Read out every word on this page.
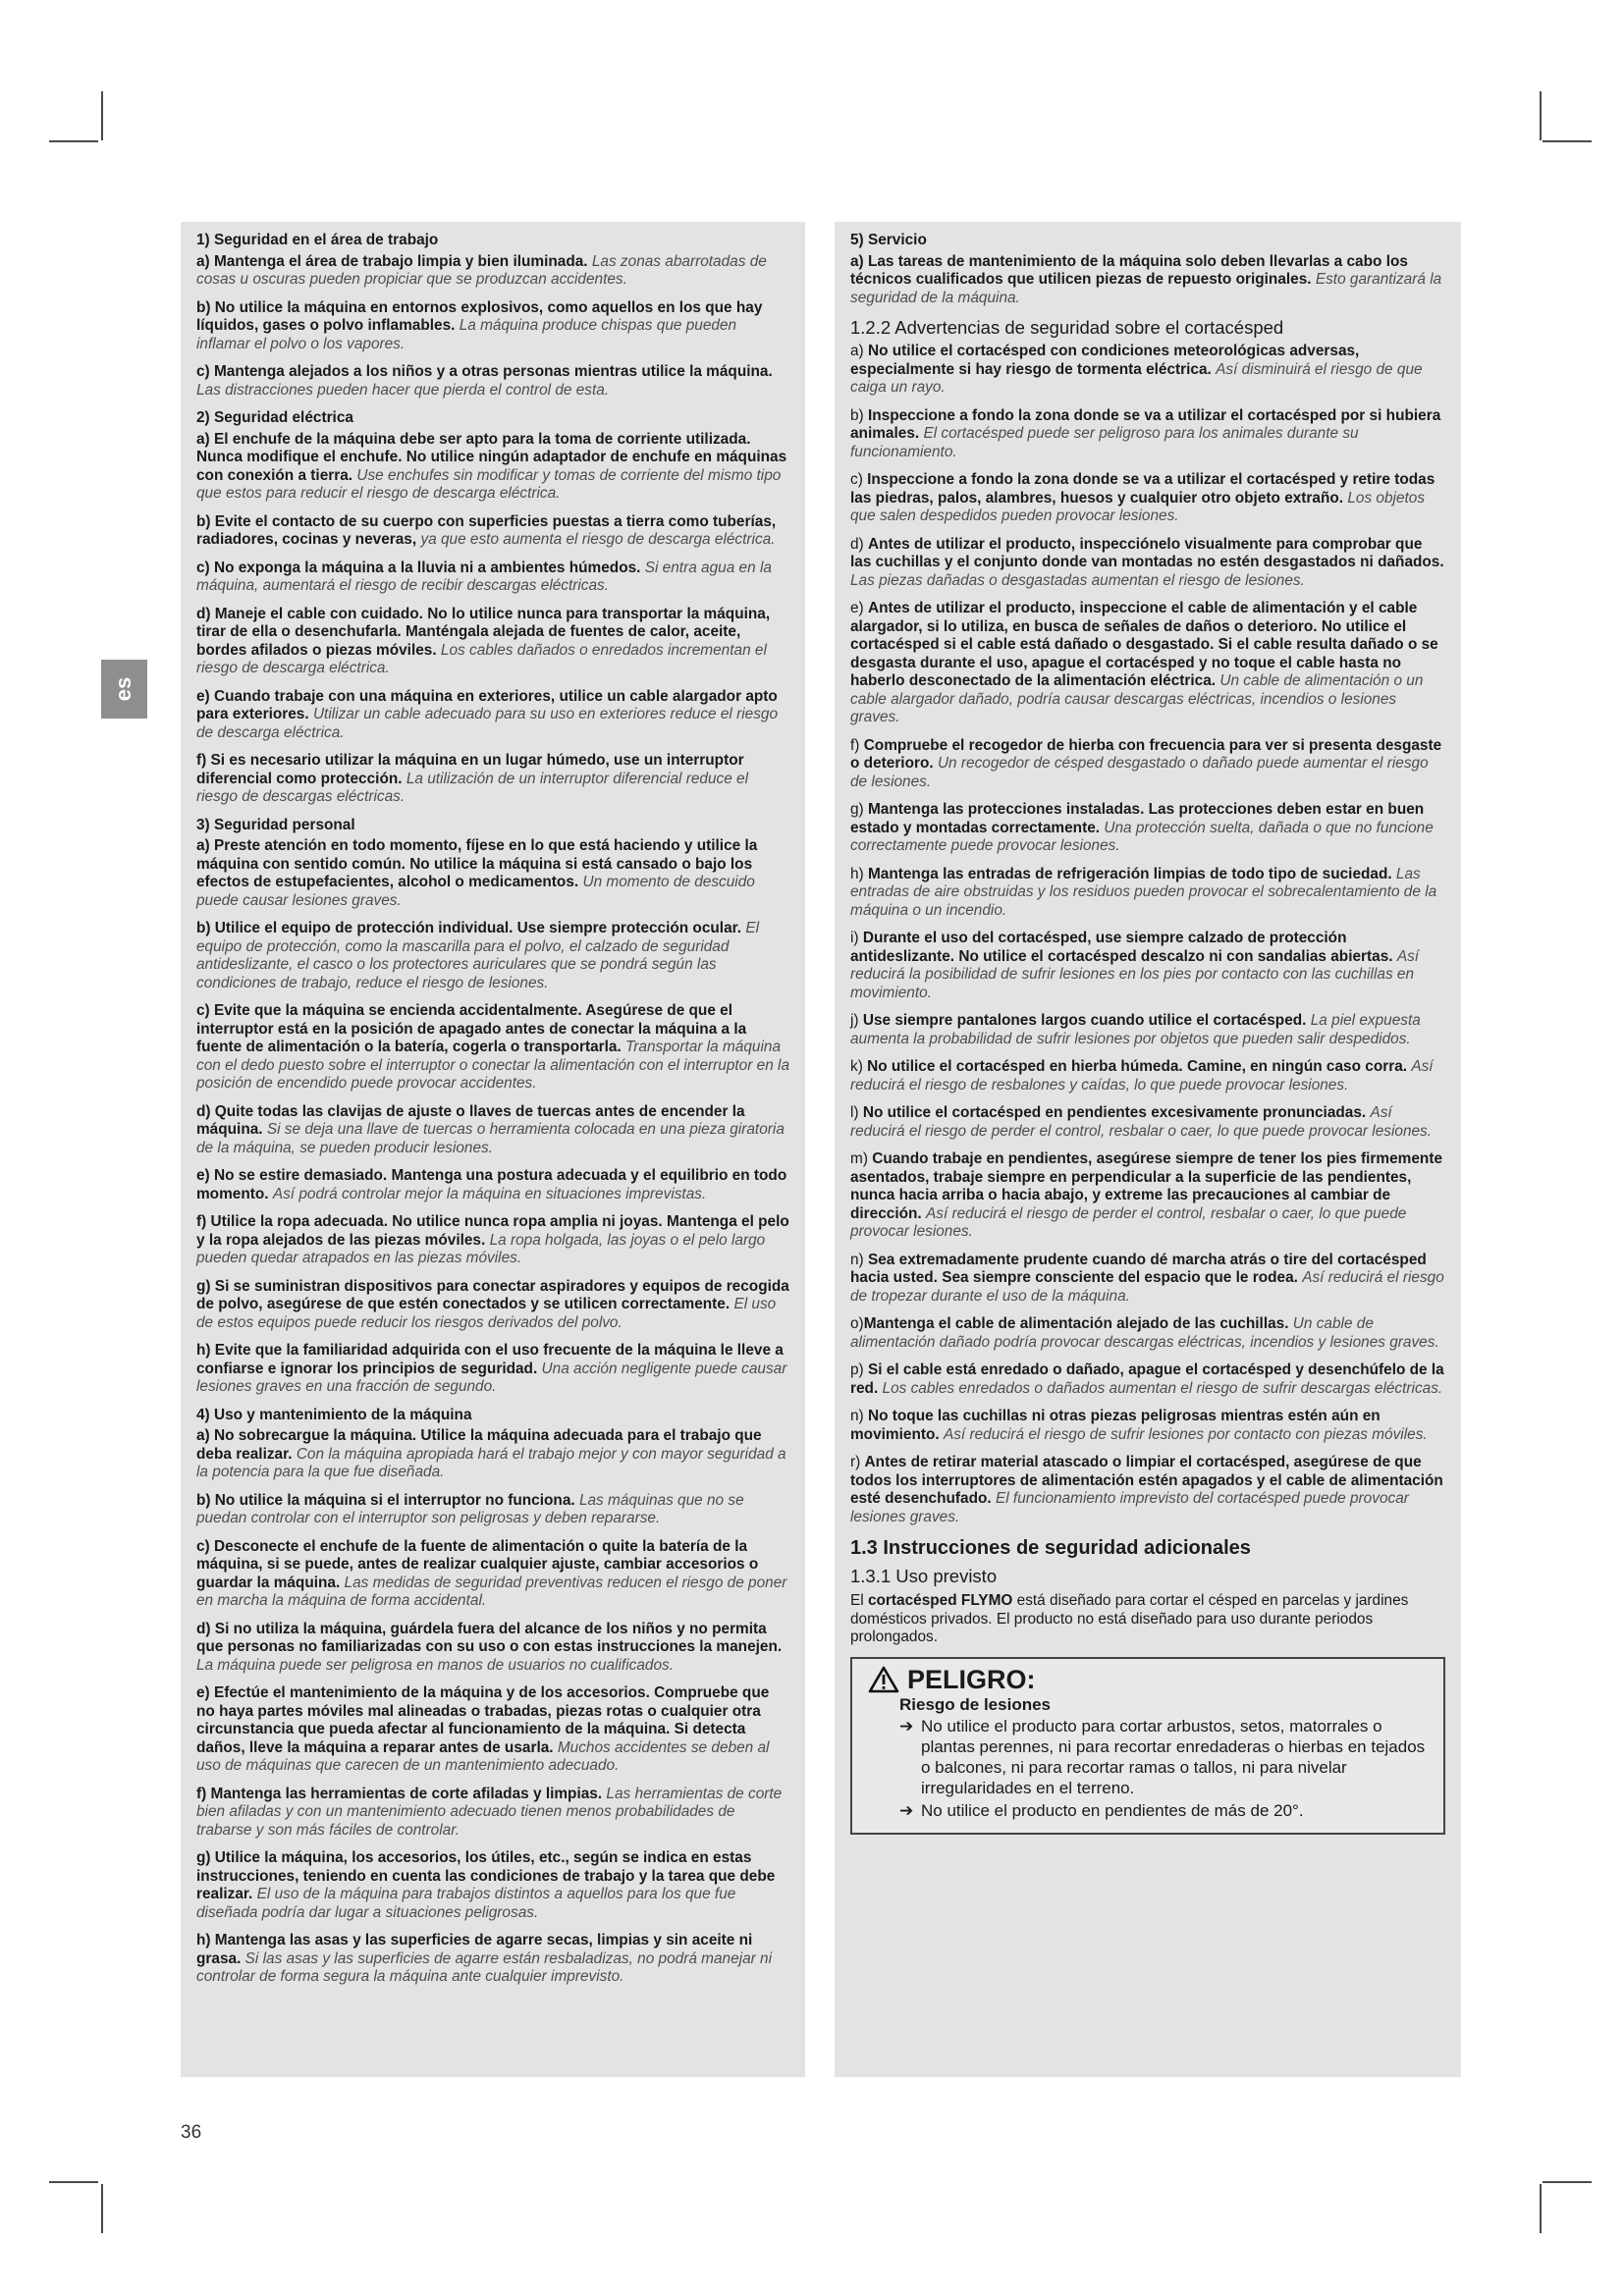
es

1) Seguridad en el área de trabajo

a) Mantenga el área de trabajo limpia y bien iluminada. Las zonas abarrotadas de cosas u oscuras pueden propiciar que se produzcan accidentes.

b) No utilice la máquina en entornos explosivos, como aquellos en los que hay líquidos, gases o polvo inflamables. La máquina produce chispas que pueden inflamar el polvo o los vapores.

c) Mantenga alejados a los niños y a otras personas mientras utilice la máquina. Las distracciones pueden hacer que pierda el control de esta.

2) Seguridad eléctrica

a) El enchufe de la máquina debe ser apto para la toma de corriente utilizada. Nunca modifique el enchufe. No utilice ningún adaptador de enchufe en máquinas con conexión a tierra. Use enchufes sin modificar y tomas de corriente del mismo tipo que estos para reducir el riesgo de descarga eléctrica.

b) Evite el contacto de su cuerpo con superficies puestas a tierra como tuberías, radiadores, cocinas y neveras, ya que esto aumenta el riesgo de descarga eléctrica.

c) No exponga la máquina a la lluvia ni a ambientes húmedos. Si entra agua en la máquina, aumentará el riesgo de recibir descargas eléctricas.

d) Maneje el cable con cuidado. No lo utilice nunca para transportar la máquina, tirar de ella o desenchufarla. Manténgala alejada de fuentes de calor, aceite, bordes afilados o piezas móviles. Los cables dañados o enredados incrementan el riesgo de descarga eléctrica.

e) Cuando trabaje con una máquina en exteriores, utilice un cable alargador apto para exteriores. Utilizar un cable adecuado para su uso en exteriores reduce el riesgo de descarga eléctrica.

f) Si es necesario utilizar la máquina en un lugar húmedo, use un interruptor diferencial como protección. La utilización de un interruptor diferencial reduce el riesgo de descargas eléctricas.

3) Seguridad personal

a) Preste atención en todo momento, fíjese en lo que está haciendo y utilice la máquina con sentido común. No utilice la máquina si está cansado o bajo los efectos de estupefacientes, alcohol o medicamentos. Un momento de descuido puede causar lesiones graves.

b) Utilice el equipo de protección individual. Use siempre protección ocular. El equipo de protección, como la mascarilla para el polvo, el calzado de seguridad antideslizante, el casco o los protectores auriculares que se pondrá según las condiciones de trabajo, reduce el riesgo de lesiones.

c) Evite que la máquina se encienda accidentalmente. Asegúrese de que el interruptor está en la posición de apagado antes de conectar la máquina a la fuente de alimentación o la batería, cogerla o transportarla. Transportar la máquina con el dedo puesto sobre el interruptor o conectar la alimentación con el interruptor en la posición de encendido puede provocar accidentes.

d) Quite todas las clavijas de ajuste o llaves de tuercas antes de encender la máquina. Si se deja una llave de tuercas o herramienta colocada en una pieza giratoria de la máquina, se pueden producir lesiones.

e) No se estire demasiado. Mantenga una postura adecuada y el equilibrio en todo momento. Así podrá controlar mejor la máquina en situaciones imprevistas.

f) Utilice la ropa adecuada. No utilice nunca ropa amplia ni joyas. Mantenga el pelo y la ropa alejados de las piezas móviles. La ropa holgada, las joyas o el pelo largo pueden quedar atrapados en las piezas móviles.

g) Si se suministran dispositivos para conectar aspiradores y equipos de recogida de polvo, asegúrese de que estén conectados y se utilicen correctamente. El uso de estos equipos puede reducir los riesgos derivados del polvo.

h) Evite que la familiaridad adquirida con el uso frecuente de la máquina le lleve a confiarse e ignorar los principios de seguridad. Una acción negligente puede causar lesiones graves en una fracción de segundo.

4) Uso y mantenimiento de la máquina

a) No sobrecargue la máquina. Utilice la máquina adecuada para el trabajo que deba realizar. Con la máquina apropiada hará el trabajo mejor y con mayor seguridad a la potencia para la que fue diseñada.

b) No utilice la máquina si el interruptor no funciona. Las máquinas que no se puedan controlar con el interruptor son peligrosas y deben repararse.

c) Desconecte el enchufe de la fuente de alimentación o quite la batería de la máquina, si se puede, antes de realizar cualquier ajuste, cambiar accesorios o guardar la máquina. Las medidas de seguridad preventivas reducen el riesgo de poner en marcha la máquina de forma accidental.

d) Si no utiliza la máquina, guárdela fuera del alcance de los niños y no permita que personas no familiarizadas con su uso o con estas instrucciones la manejen. La máquina puede ser peligrosa en manos de usuarios no cualificados.

e) Efectúe el mantenimiento de la máquina y de los accesorios. Compruebe que no haya partes móviles mal alineadas o trabadas, piezas rotas o cualquier otra circunstancia que pueda afectar al funcionamiento de la máquina. Si detecta daños, lleve la máquina a reparar antes de usarla. Muchos accidentes se deben al uso de máquinas que carecen de un mantenimiento adecuado.

f) Mantenga las herramientas de corte afiladas y limpias. Las herramientas de corte bien afiladas y con un mantenimiento adecuado tienen menos probabilidades de trabarse y son más fáciles de controlar.

g) Utilice la máquina, los accesorios, los útiles, etc., según se indica en estas instrucciones, teniendo en cuenta las condiciones de trabajo y la tarea que debe realizar. El uso de la máquina para trabajos distintos a aquellos para los que fue diseñada podría dar lugar a situaciones peligrosas.

h) Mantenga las asas y las superficies de agarre secas, limpias y sin aceite ni grasa. Si las asas y las superficies de agarre están resbaladizas, no podrá manejar ni controlar de forma segura la máquina ante cualquier imprevisto.

5) Servicio

a) Las tareas de mantenimiento de la máquina solo deben llevarlas a cabo los técnicos cualificados que utilicen piezas de repuesto originales. Esto garantizará la seguridad de la máquina.

1.2.2 Advertencias de seguridad sobre el cortacésped

a) No utilice el cortacésped con condiciones meteorológicas adversas, especialmente si hay riesgo de tormenta eléctrica. Así disminuirá el riesgo de que caiga un rayo.

b) Inspeccione a fondo la zona donde se va a utilizar el cortacésped por si hubiera animales. El cortacésped puede ser peligroso para los animales durante su funcionamiento.

c) Inspeccione a fondo la zona donde se va a utilizar el cortacésped y retire todas las piedras, palos, alambres, huesos y cualquier otro objeto extraño. Los objetos que salen despedidos pueden provocar lesiones.

d) Antes de utilizar el producto, inspecciónelo visualmente para comprobar que las cuchillas y el conjunto donde van montadas no estén desgastados ni dañados. Las piezas dañadas o desgastadas aumentan el riesgo de lesiones.

e) Antes de utilizar el producto, inspeccione el cable de alimentación y el cable alargador, si lo utiliza, en busca de señales de daños o deterioro. No utilice el cortacésped si el cable está dañado o desgastado. Si el cable resulta dañado o se desgasta durante el uso, apague el cortacésped y no toque el cable hasta no haberlo desconectado de la alimentación eléctrica. Un cable de alimentación o un cable alargador dañado, podría causar descargas eléctricas, incendios o lesiones graves.

f) Compruebe el recogedor de hierba con frecuencia para ver si presenta desgaste o deterioro. Un recogedor de césped desgastado o dañado puede aumentar el riesgo de lesiones.

g) Mantenga las protecciones instaladas. Las protecciones deben estar en buen estado y montadas correctamente. Una protección suelta, dañada o que no funcione correctamente puede provocar lesiones.

h) Mantenga las entradas de refrigeración limpias de todo tipo de suciedad. Las entradas de aire obstruidas y los residuos pueden provocar el sobrecalentamiento de la máquina o un incendio.

i) Durante el uso del cortacésped, use siempre calzado de protección antideslizante. No utilice el cortacésped descalzo ni con sandalias abiertas. Así reducirá la posibilidad de sufrir lesiones en los pies por contacto con las cuchillas en movimiento.

j) Use siempre pantalones largos cuando utilice el cortacésped. La piel expuesta aumenta la probabilidad de sufrir lesiones por objetos que pueden salir despedidos.

k) No utilice el cortacésped en hierba húmeda. Camine, en ningún caso corra. Así reducirá el riesgo de resbalones y caídas, lo que puede provocar lesiones.

l) No utilice el cortacésped en pendientes excesivamente pronunciadas. Así reducirá el riesgo de perder el control, resbalar o caer, lo que puede provocar lesiones.

m) Cuando trabaje en pendientes, asegúrese siempre de tener los pies firmemente asentados, trabaje siempre en perpendicular a la superficie de las pendientes, nunca hacia arriba o hacia abajo, y extreme las precauciones al cambiar de dirección. Así reducirá el riesgo de perder el control, resbalar o caer, lo que puede provocar lesiones.

n) Sea extremadamente prudente cuando dé marcha atrás o tire del cortacésped hacia usted. Sea siempre consciente del espacio que le rodea. Así reducirá el riesgo de tropezar durante el uso de la máquina.

o)Mantenga el cable de alimentación alejado de las cuchillas. Un cable de alimentación dañado podría provocar descargas eléctricas, incendios y lesiones graves.

p) Si el cable está enredado o dañado, apague el cortacésped y desenchúfelo de la red. Los cables enredados o dañados aumentan el riesgo de sufrir descargas eléctricas.

n) No toque las cuchillas ni otras piezas peligrosas mientras estén aún en movimiento. Así reducirá el riesgo de sufrir lesiones por contacto con piezas móviles.

r) Antes de retirar material atascado o limpiar el cortacésped, asegúrese de que todos los interruptores de alimentación estén apagados y el cable de alimentación esté desenchufado. El funcionamiento imprevisto del cortacésped puede provocar lesiones graves.

1.3 Instrucciones de seguridad adicionales

1.3.1 Uso previsto

El cortacésped FLYMO está diseñado para cortar el césped en parcelas y jardines domésticos privados. El producto no está diseñado para uso durante periodos prolongados.

PELIGRO:
Riesgo de lesiones
➔ No utilice el producto para cortar arbustos, setos, matorrales o plantas perennes, ni para recortar enredaderas o hierbas en tejados o balcones, ni para recortar ramas o tallos, ni para nivelar irregularidades en el terreno.
➔ No utilice el producto en pendientes de más de 20°.
36
